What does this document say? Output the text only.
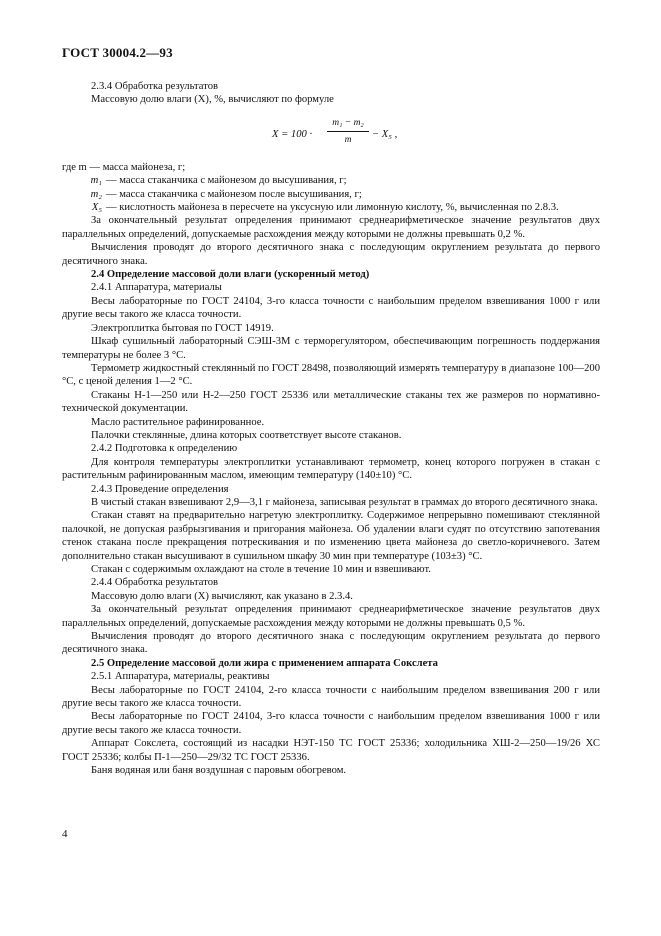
ГОСТ 30004.2—93

2.3.4 Обработка результатов

Массовую долю влаги (X), %, вычисляют по формуле

$X = 100 \cdot \frac{\text{m₁ − m₂}}{m} - X_5$ ,

где m — масса майонеза, г;

m₁ — масса стаканчика с майонезом до высушивания, г;
m₂ — масса стаканчика с майонезом после высушивания, г;
X₅ — кислотность майонеза в пересчете на уксусную или лимонную кислоту, %, вычисленная по 2.8.3.

За окончательный результат определения принимают среднеарифметическое значение результатов двух параллельных определений, допускаемые расхождения между которыми не должны превышать 0,2 %.

Вычисления проводят до второго десятичного знака с последующим округлением результата до первого десятичного знака.

2.4 Определение массовой доли влаги (ускоренный метод)

2.4.1 Аппаратура, материалы

Весы лабораторные по ГОСТ 24104, 3-го класса точности с наибольшим пределом взвешивания 1000 г или другие весы такого же класса точности.

Электроплитка бытовая по ГОСТ 14919.

Шкаф сушильный лабораторный СЭШ-3М с терморегулятором, обеспечивающим погрешность поддержания температуры не более 3 °С.

Термометр жидкостный стеклянный по ГОСТ 28498, позволяющий измерять температуру в диапазоне 100—200 °С, с ценой деления 1—2 °С.

Стаканы Н-1—250 или Н-2—250 ГОСТ 25336 или металлические стаканы тех же размеров по нормативно-технической документации.

Масло растительное рафинированное.

Палочки стеклянные, длина которых соответствует высоте стаканов.

2.4.2 Подготовка к определению

Для контроля температуры электроплитки устанавливают термометр, конец которого погружен в стакан с растительным рафинированным маслом, имеющим температуру (140±10) °С.

2.4.3 Проведение определения

В чистый стакан взвешивают 2,9—3,1 г майонеза, записывая результат в граммах до второго десятичного знака.

Стакан ставят на предварительно нагретую электроплитку. Содержимое непрерывно помешивают стеклянной палочкой, не допуская разбрызгивания и пригорания майонеза. Об удалении влаги судят по отсутствию запотевания стенок стакана после прекращения потрескивания и по изменению цвета майонеза до светло-коричневого. Затем дополнительно стакан высушивают в сушильном шкафу 30 мин при температуре (103±3) °С.

Стакан с содержимым охлаждают на столе в течение 10 мин и взвешивают.

2.4.4 Обработка результатов

Массовую долю влаги (X) вычисляют, как указано в 2.3.4.

За окончательный результат определения принимают среднеарифметическое значение результатов двух параллельных определений, допускаемые расхождения между которыми не должны превышать 0,5 %.

Вычисления проводят до второго десятичного знака с последующим округлением результата до первого десятичного знака.

2.5 Определение массовой доли жира с применением аппарата Сокслета

2.5.1 Аппаратура, материалы, реактивы

Весы лабораторные по ГОСТ 24104, 2-го класса точности с наибольшим пределом взвешивания 200 г или другие весы такого же класса точности.

Весы лабораторные по ГОСТ 24104, 3-го класса точности с наибольшим пределом взвешивания 1000 г или другие весы такого же класса точности.

Аппарат Сокслета, состоящий из насадки НЭТ-150 ТС ГОСТ 25336; холодильника ХШ-2—250—19/26 ХС ГОСТ 25336; колбы П-1—250—29/32 ТС ГОСТ 25336.

Баня водяная или баня воздушная с паровым обогревом.

4
